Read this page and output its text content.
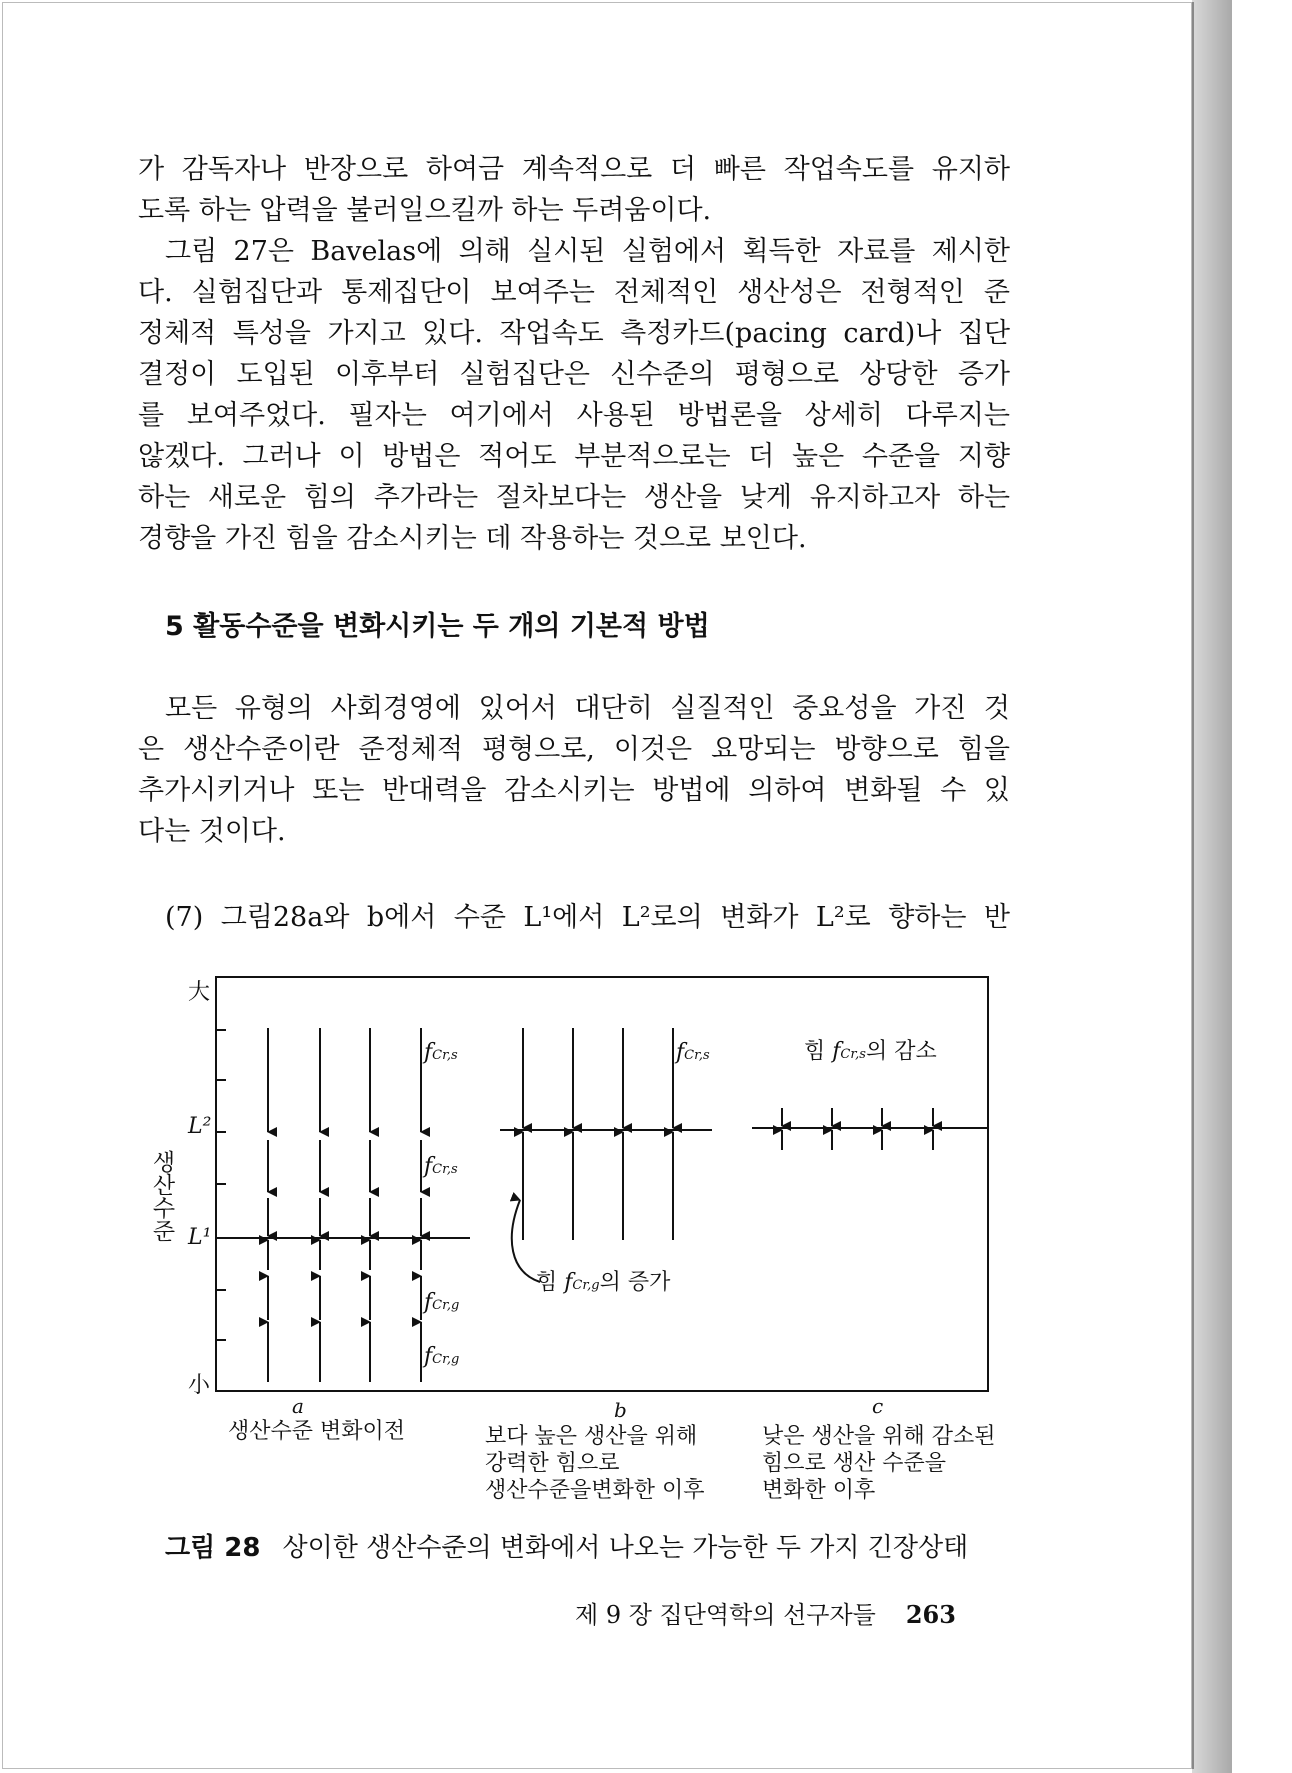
가 감독자나 반장으로 하여금 계속적으로 더 빠른 작업속도를 유지하
도록 하는 압력을 불러일으킬까 하는 두려움이다.
그림 27은 Bavelas에 의해 실시된 실험에서 획득한 자료를 제시한
다. 실험집단과 통제집단이 보여주는 전체적인 생산성은 전형적인 준
정체적 특성을 가지고 있다. 작업속도 측정카드(pacing card)나 집단
결정이 도입된 이후부터 실험집단은 신수준의 평형으로 상당한 증가
를 보여주었다. 필자는 여기에서 사용된 방법론을 상세히 다루지는
않겠다. 그러나 이 방법은 적어도 부분적으로는 더 높은 수준을 지향
하는 새로운 힘의 추가라는 절차보다는 생산을 낮게 유지하고자 하는
경향을 가진 힘을 감소시키는 데 작용하는 것으로 보인다.
5 활동수준을 변화시키는 두 개의 기본적 방법
모든 유형의 사회경영에 있어서 대단히 실질적인 중요성을 가진 것
은 생산수준이란 준정체적 평형으로, 이것은 요망되는 방향으로 힘을
추가시키거나 또는 반대력을 감소시키는 방법에 의하여 변화될 수 있
다는 것이다.
(7) 그림28a와 b에서 수준 L¹에서 L²로의 변화가 L²로 향하는 반
생산수준
大
小
L²
L¹
fCr,s
fCr,s
fCr,g
fCr,g
fCr,s
힘 fCr,g의 증가
힘 fCr,s의 감소
a	b	c
생산수준 변화이전	보다 높은 생산을 위해
강력한 힘으로
생산수준을변화한 이후
낮은 생산을 위해 감소된
힘으로 생산 수준을
변화한 이후
그림 28 상이한 생산수준의 변화에서 나오는 가능한 두 가지 긴장상태
제 9 장 집단역학의 선구자들 263
